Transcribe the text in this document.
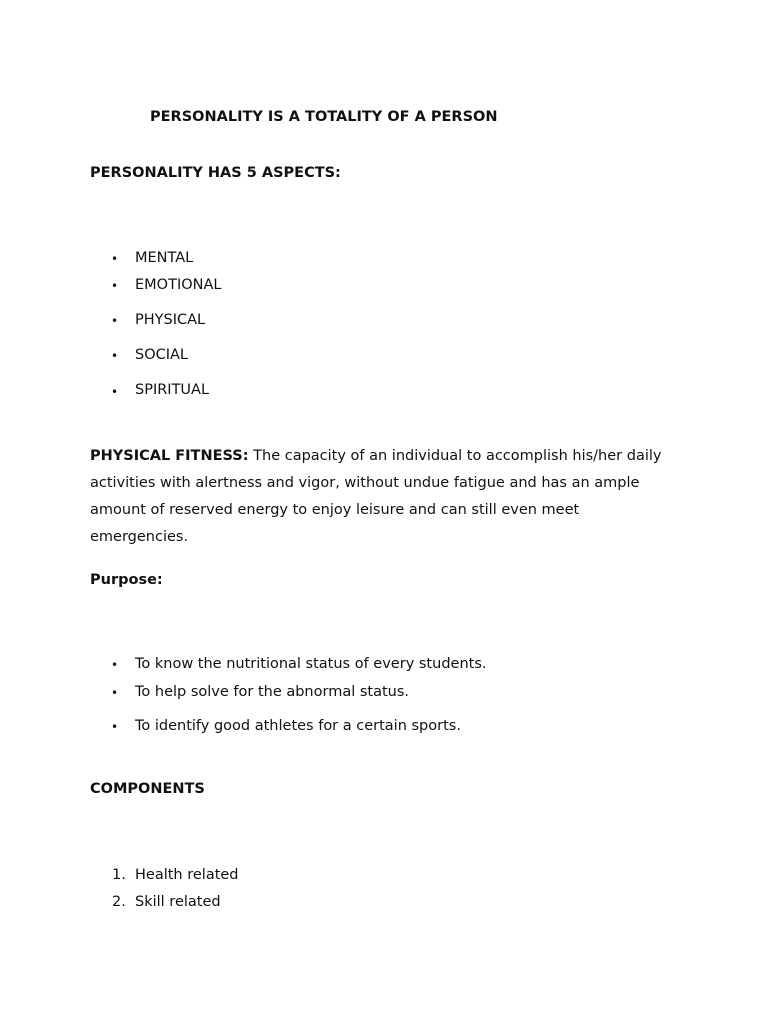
PERSONALITY IS A TOTALITY OF A PERSON
PERSONALITY HAS 5 ASPECTS:
• MENTAL
• EMOTIONAL
• PHYSICAL
• SOCIAL
• SPIRITUAL
PHYSICAL FITNESS: The capacity of an individual to accomplish his/her daily activities with alertness and vigor, without undue fatigue and has an ample amount of reserved energy to enjoy leisure and can still even meet emergencies.
Purpose:
• To know the nutritional status of every students.
• To help solve for the abnormal status.
• To identify good athletes for a certain sports.
COMPONENTS
1. Health related
2. Skill related
